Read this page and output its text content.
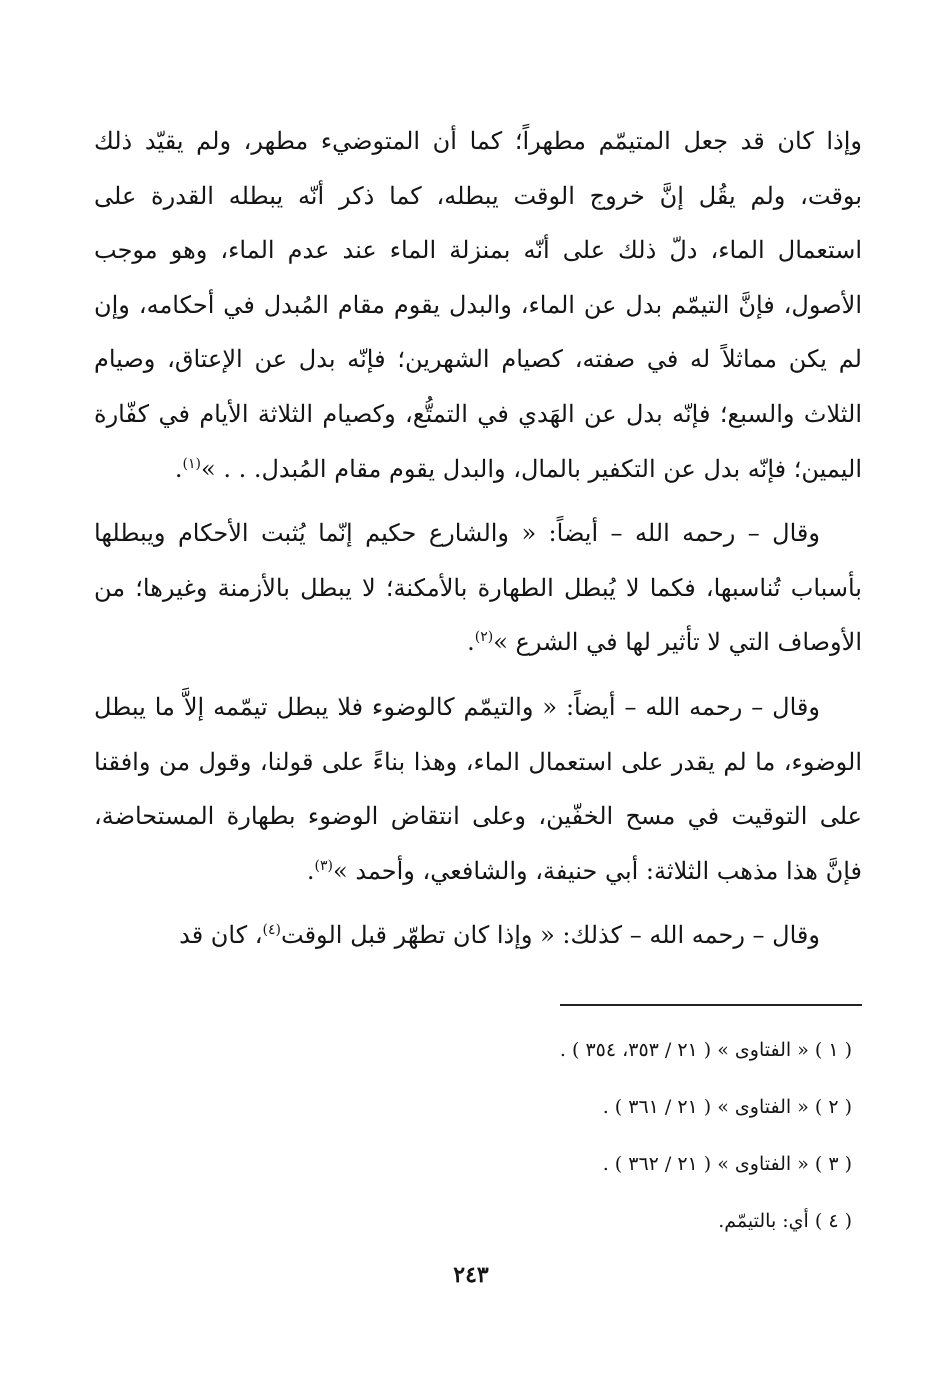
وإذا كان قد جعل المتيمّم مطهراً؛ كما أن المتوضيء مطهر، ولم يقيّد ذلك بوقت، ولم يقُل إنَّ خروج الوقت يبطله، كما ذكر أنّه يبطله القدرة على استعمال الماء، دلّ ذلك على أنّه بمنزلة الماء عند عدم الماء، وهو موجب الأصول، فإنَّ التيمّم بدل عن الماء، والبدل يقوم مقام المُبدل في أحكامه، وإن لم يكن مماثلاً له في صفته، كصيام الشهرين؛ فإنّه بدل عن الإعتاق، وصيام الثلاث والسبع؛ فإنّه بدل عن الهَدي في التمتُّع، وكصيام الثلاثة الأيام في كفّارة اليمين؛ فإنّه بدل عن التكفير بالمال، والبدل يقوم مقام المُبدل. . . »$^{(١)}$.

وقال – رحمه الله – أيضاً: « والشارع حكيم إنّما يُثبت الأحكام ويبطلها بأسباب تُناسبها، فكما لا يُبطل الطهارة بالأمكنة؛ لا يبطل بالأزمنة وغيرها؛ من الأوصاف التي لا تأثير لها في الشرع »$^{(٢)}$.

وقال – رحمه الله – أيضاً: « والتيمّم كالوضوء فلا يبطل تيمّمه إلاَّ ما يبطل الوضوء، ما لم يقدر على استعمال الماء، وهذا بناءً على قولنا، وقول من وافقنا على التوقيت في مسح الخفّين، وعلى انتقاض الوضوء بطهارة المستحاضة، فإنَّ هذا مذهب الثلاثة: أبي حنيفة، والشافعي، وأحمد »$^{(٣)}$.

وقال – رحمه الله – كذلك: « وإذا كان تطهّر قبل الوقت$^{(٤)}$، كان قد

( ١ ) « الفتاوى » ( ٢١ / ٣٥٣، ٣٥٤ ) .

( ٢ ) « الفتاوى » ( ٢١ / ٣٦١ ) .

( ٣ ) « الفتاوى » ( ٢١ / ٣٦٢ ) .

( ٤ ) أي: بالتيمّم.

٢٤٣
